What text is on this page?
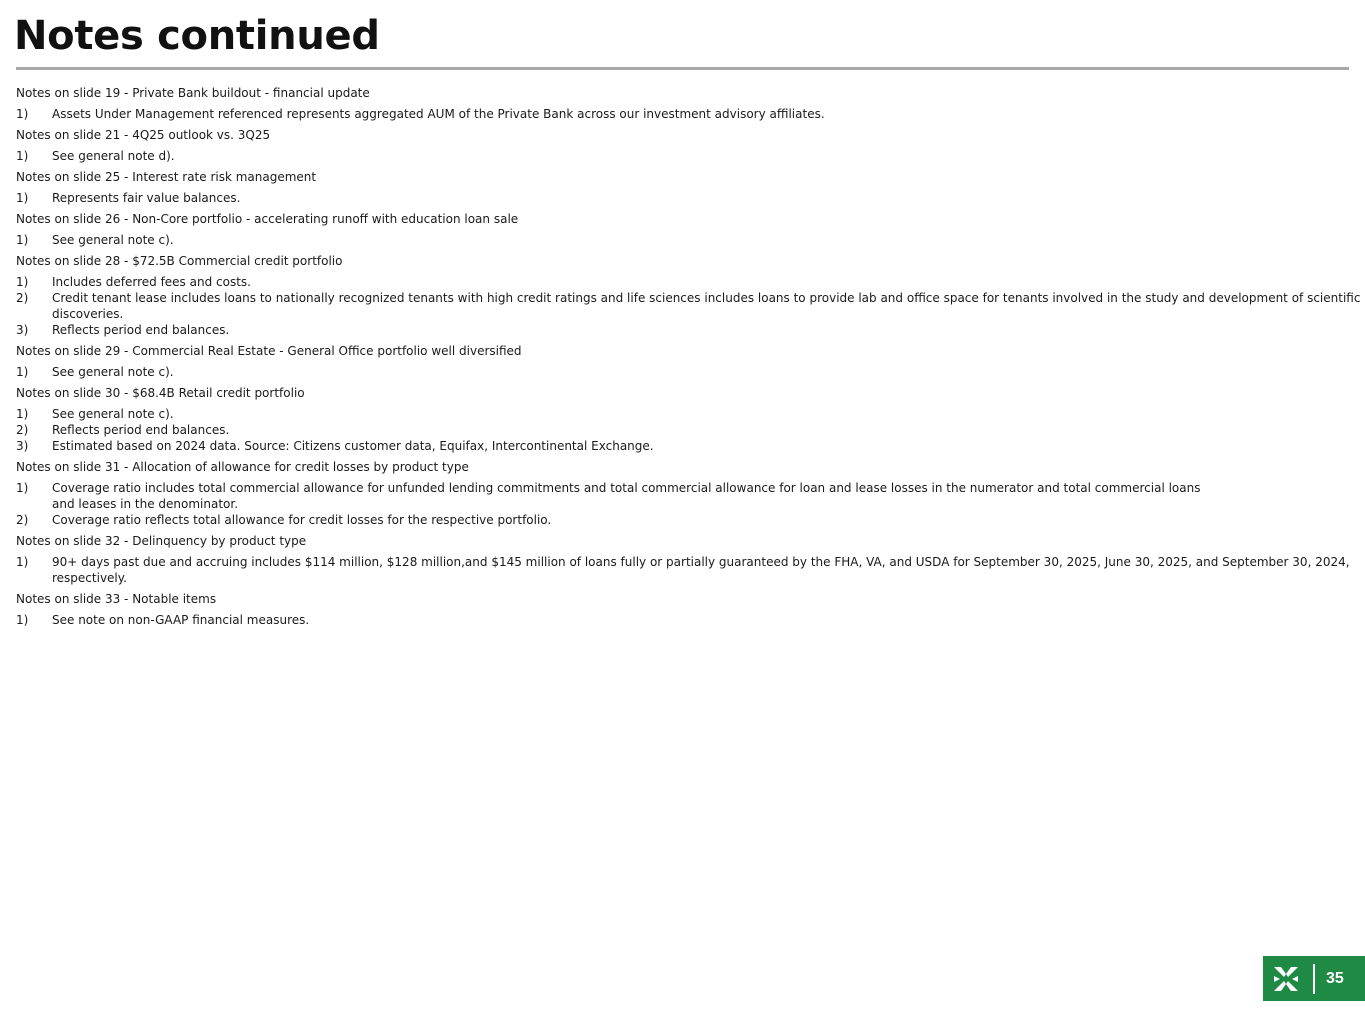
Notes continued

Notes on slide 19 - Private Bank buildout - financial update

1)	Assets Under Management referenced represents aggregated AUM of the Private Bank across our investment advisory affiliates.

Notes on slide 21 - 4Q25 outlook vs. 3Q25

1)	See general note d).

Notes on slide 25 - Interest rate risk management

1)	Represents fair value balances.

Notes on slide 26 - Non-Core portfolio - accelerating runoff with education loan sale

1)	See general note c).

Notes on slide 28 - $72.5B Commercial credit portfolio

1)	Includes deferred fees and costs.
2)	Credit tenant lease includes loans to nationally recognized tenants with high credit ratings and life sciences includes loans to provide lab and office space for tenants involved in the study and development of scientific discoveries.
3)	Reflects period end balances.

Notes on slide 29 - Commercial Real Estate - General Office portfolio well diversified

1)	See general note c).

Notes on slide 30 - $68.4B Retail credit portfolio

1)	See general note c).
2)	Reflects period end balances.
3)	Estimated based on 2024 data. Source: Citizens customer data, Equifax, Intercontinental Exchange.

Notes on slide 31 - Allocation of allowance for credit losses by product type

1)	Coverage ratio includes total commercial allowance for unfunded lending commitments and total commercial allowance for loan and lease losses in the numerator and total commercial loans and leases in the denominator.
2)	Coverage ratio reflects total allowance for credit losses for the respective portfolio.

Notes on slide 32 - Delinquency by product type

1)	90+ days past due and accruing includes $114 million, $128 million,and $145 million of loans fully or partially guaranteed by the FHA, VA, and USDA for September 30, 2025, June 30, 2025, and September 30, 2024, respectively.

Notes on slide 33 - Notable items

1)	See note on non-GAAP financial measures.
35
